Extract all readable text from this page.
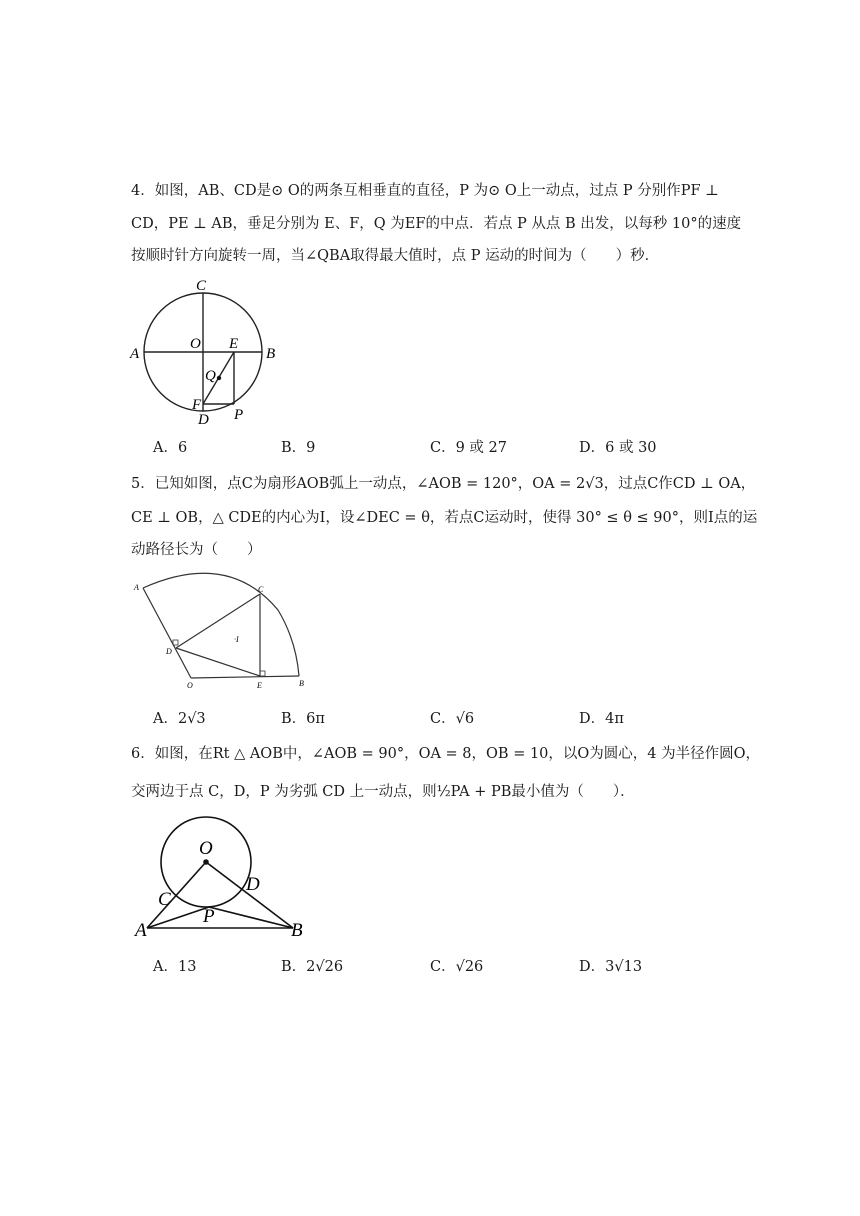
4．如图，AB、CD是⊙ O的两条互相垂直的直径，P 为⊙ O上一动点，过点 P 分别作PF ⊥
CD，PE ⊥ AB，垂足分别为 E、F，Q 为EF的中点．若点 P 从点 B 出发，以每秒 10°的速度
按顺时针方向旋转一周，当∠QBA取得最大值时，点 P 运动的时间为（　　）秒．
C
A
O E
B
Q
F
D P
A．6	B．9	C．9 或 27	D．6 或 30
5．已知如图，点C为扇形AOB弧上一动点，∠AOB = 120°，OA = 2√3，过点C作CD ⊥ OA，
CE ⊥ OB，△ CDE的内心为I，设∠DEC = θ，若点C运动时，使得 30° ≤ θ ≤ 90°，则I点的运
动路径长为（　　）
A	C
D
·I
O	E	B
A．2√3	B．6π	C．√6	D．4π
6．如图，在Rt △ AOB中，∠AOB = 90°，OA = 8，OB = 10，以O为圆心，4 为半径作圆O，
交两边于点 C，D，P 为劣弧 CD 上一动点，则½PA + PB最小值为（　　）．
O
C
D
P
A	B
A．13	B．2√26	C．√26	D．3√13
